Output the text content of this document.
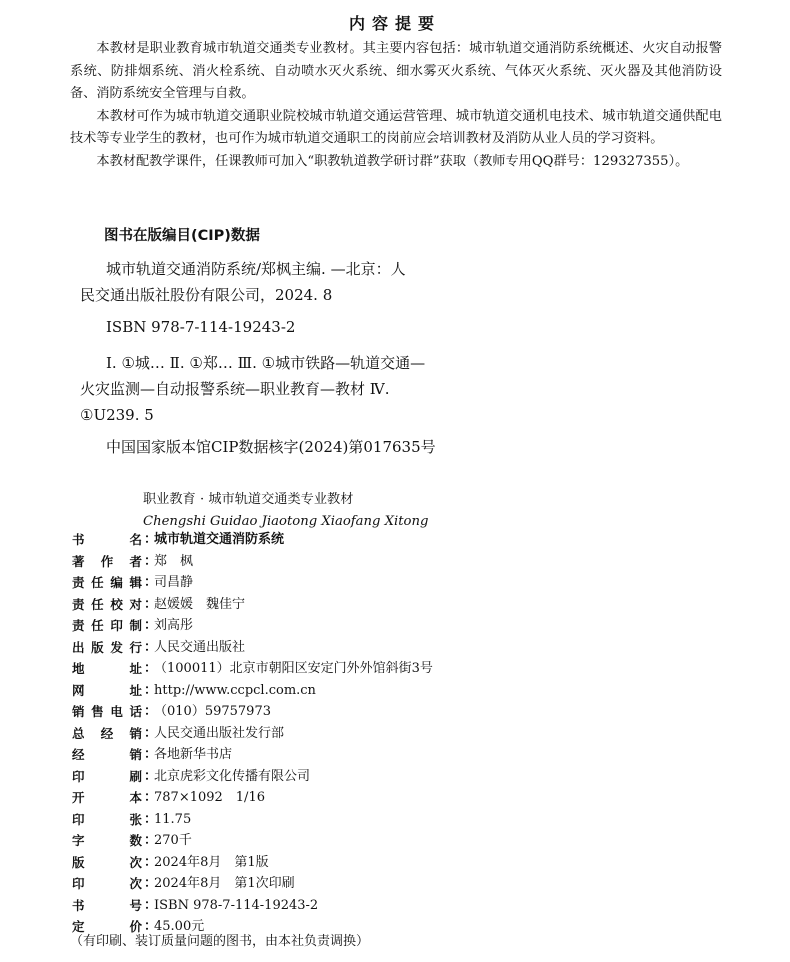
内容提要

本教材是职业教育城市轨道交通类专业教材。其主要内容包括：城市轨道交通消防系统概述、火灾自动报警系统、防排烟系统、消火栓系统、自动喷水灭火系统、细水雾灭火系统、气体灭火系统、灭火器及其他消防设备、消防系统安全管理与自救。

本教材可作为城市轨道交通职业院校城市轨道交通运营管理、城市轨道交通机电技术、城市轨道交通供配电技术等专业学生的教材，也可作为城市轨道交通职工的岗前应会培训教材及消防从业人员的学习资料。

本教材配教学课件，任课教师可加入“职教轨道教学研讨群”获取（教师专用QQ群号：129327355）。

图书在版编目(CIP)数据
城市轨道交通消防系统/郑枫主编. —北京：人
民交通出版社股份有限公司，2024. 8
ISBN 978-7-114-19243-2
Ⅰ. ①城… Ⅱ. ①郑… Ⅲ. ①城市铁路—轨道交通—
火灾监测—自动报警系统—职业教育—教材 Ⅳ.
①U239. 5
中国国家版本馆CIP数据核字(2024)第017635号
职业教育 · 城市轨道交通类专业教材
Chengshi Guidao Jiaotong Xiaofang Xitong
书	名 ：
城市轨道交通消防系统
著 作 者 ：
郑　枫
责 任 编 辑 ：
司昌静
责 任 校 对 ：
赵媛媛　魏佳宁
责 任 印 制 ：
刘高彤
出 版 发 行 ：
人民交通出版社
地	址 ：
（100011）北京市朝阳区安定门外外馆斜街3号
网	址 ：
http://www.ccpcl.com.cn
销 售 电 话 ：
（010）59757973
总 经 销 ：
人民交通出版社发行部
经	销 ：
各地新华书店
印	刷 ：
北京虎彩文化传播有限公司
开	本 ：
787×1092　1/16
印	张 ：
11.75
字	数 ：
270千
版	次 ：
2024年8月　第1版
印	次 ：
2024年8月　第1次印刷
书	号 ：
ISBN 978-7-114-19243-2
定	价 ：
45.00元
（有印刷、装订质量问题的图书，由本社负责调换）
